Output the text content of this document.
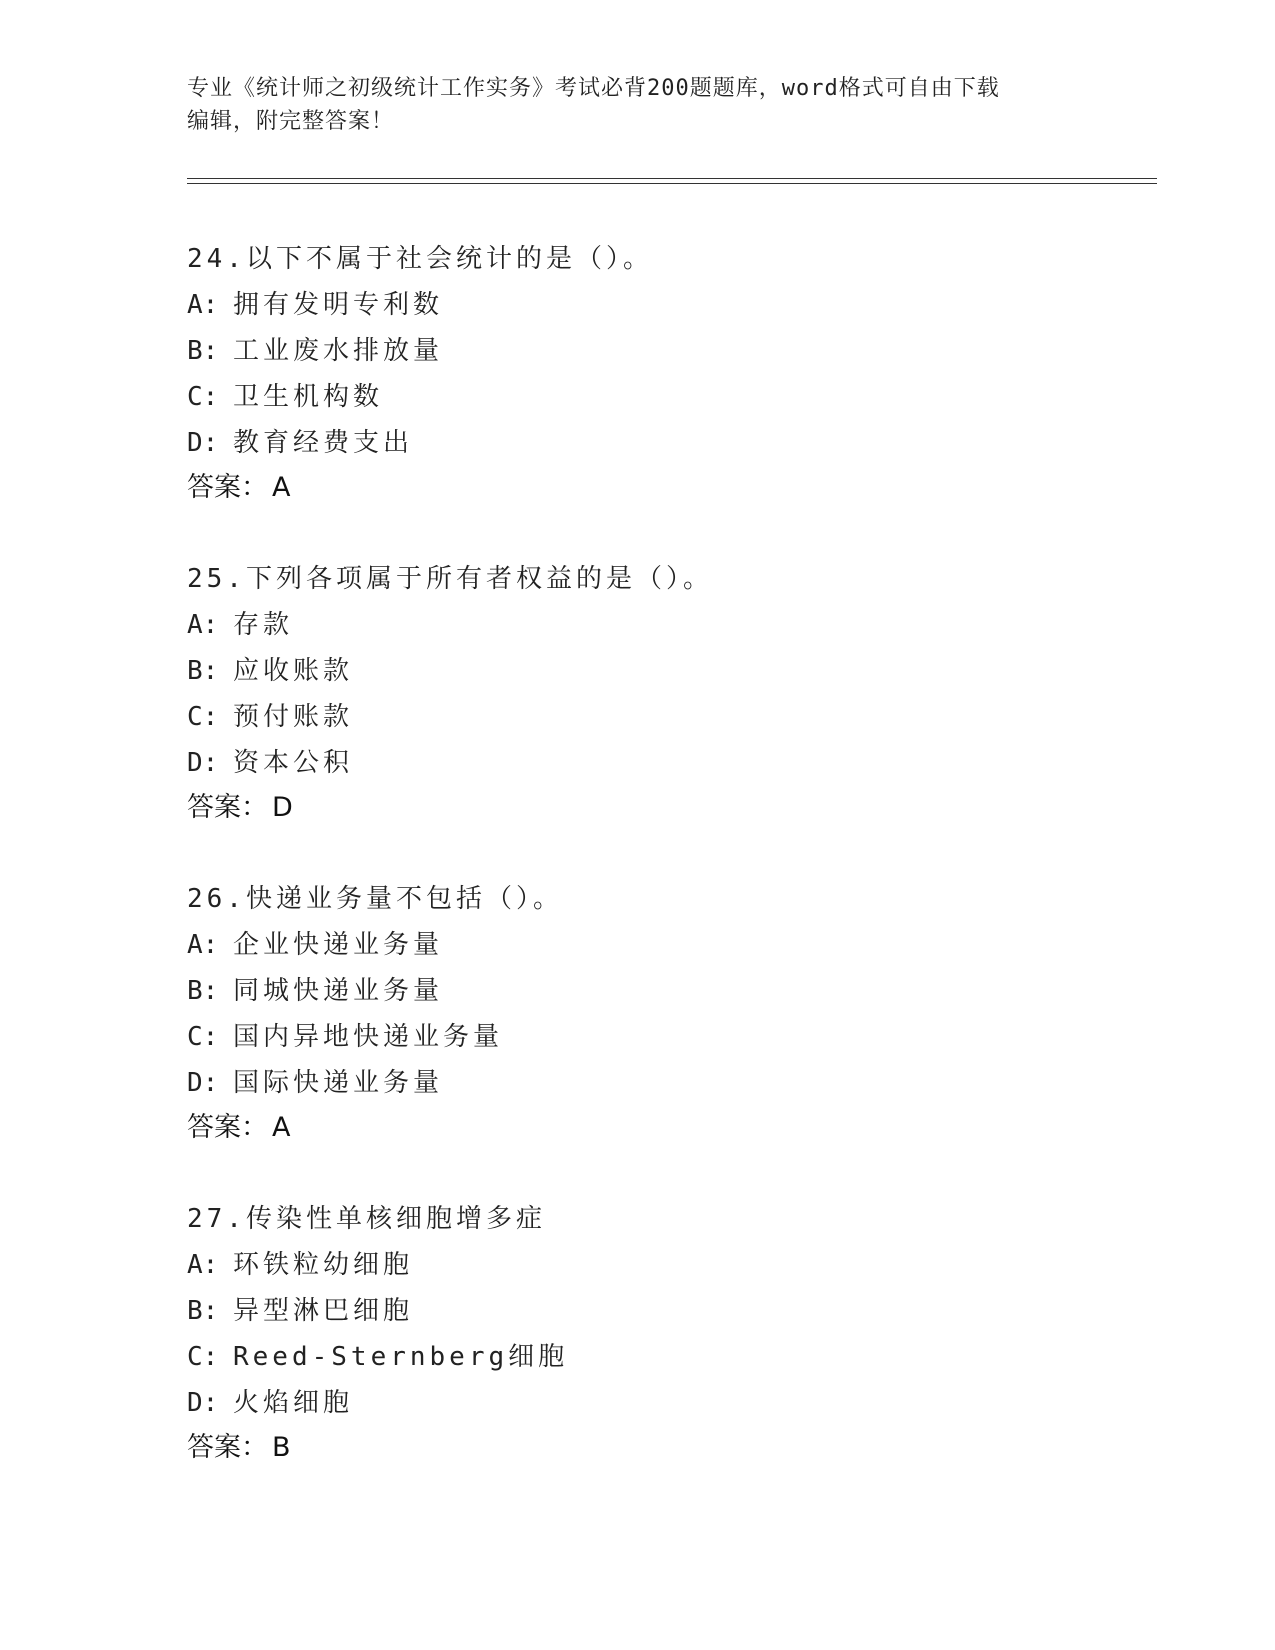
专业《统计师之初级统计工作实务》考试必背200题题库，word格式可自由下载
编辑，附完整答案！
24.以下不属于社会统计的是（）。
A: 拥有发明专利数
B: 工业废水排放量
C: 卫生机构数
D: 教育经费支出
答案： A
25.下列各项属于所有者权益的是（）。
A: 存款
B: 应收账款
C: 预付账款
D: 资本公积
答案： D
26.快递业务量不包括（）。
A: 企业快递业务量
B: 同城快递业务量
C: 国内异地快递业务量
D: 国际快递业务量
答案： A
27.传染性单核细胞增多症
A: 环铁粒幼细胞
B: 异型淋巴细胞
C: Reed-Sternberg细胞
D: 火焰细胞
答案： B
